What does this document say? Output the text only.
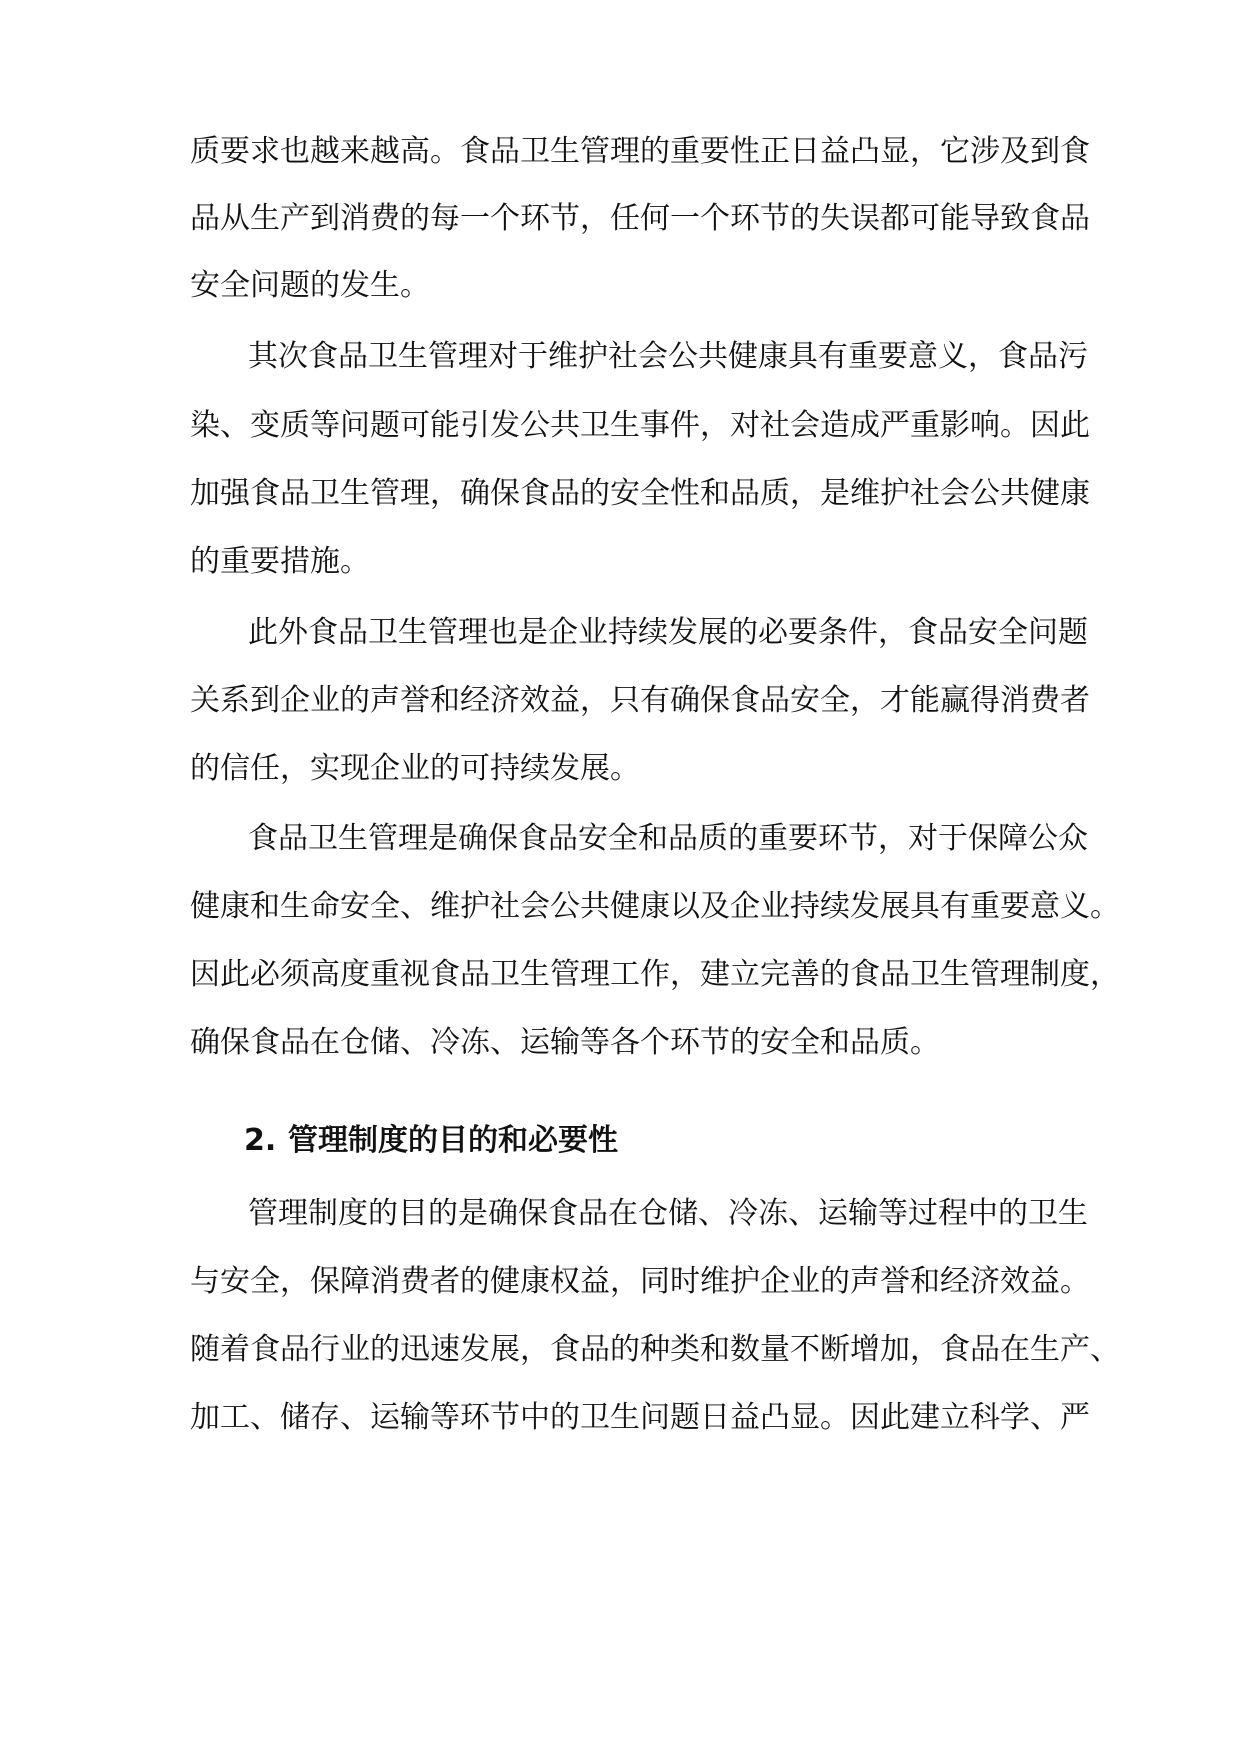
质要求也越来越高。食品卫生管理的重要性正日益凸显，它涉及到食
品从生产到消费的每一个环节，任何一个环节的失误都可能导致食品
安全问题的发生。
其次食品卫生管理对于维护社会公共健康具有重要意义，食品污
染、变质等问题可能引发公共卫生事件，对社会造成严重影响。因此
加强食品卫生管理，确保食品的安全性和品质，是维护社会公共健康
的重要措施。
此外食品卫生管理也是企业持续发展的必要条件，食品安全问题
关系到企业的声誉和经济效益，只有确保食品安全，才能赢得消费者
的信任，实现企业的可持续发展。
食品卫生管理是确保食品安全和品质的重要环节，对于保障公众
健康和生命安全、维护社会公共健康以及企业持续发展具有重要意义。
因此必须高度重视食品卫生管理工作，建立完善的食品卫生管理制度，
确保食品在仓储、冷冻、运输等各个环节的安全和品质。
2. 管理制度的目的和必要性
管理制度的目的是确保食品在仓储、冷冻、运输等过程中的卫生
与安全，保障消费者的健康权益，同时维护企业的声誉和经济效益。
随着食品行业的迅速发展，食品的种类和数量不断增加，食品在生产、
加工、储存、运输等环节中的卫生问题日益凸显。因此建立科学、严
